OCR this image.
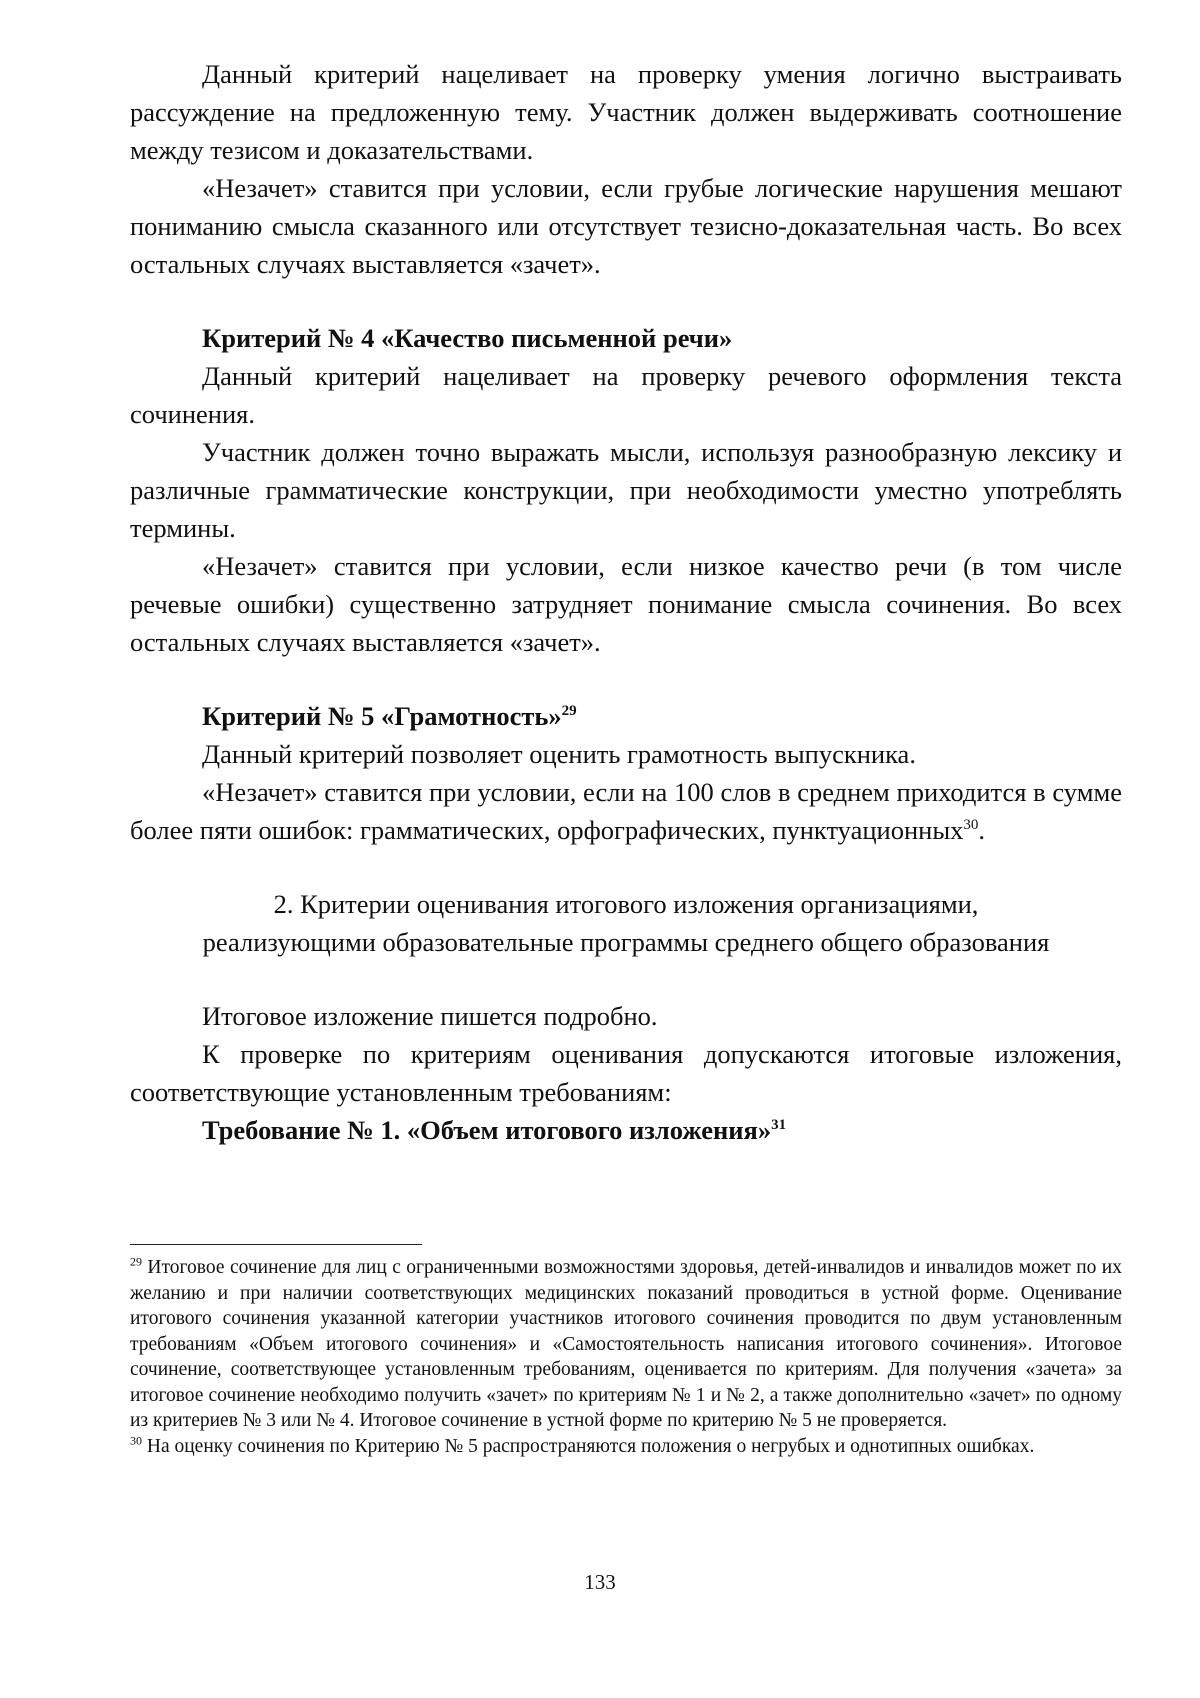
Данный критерий нацеливает на проверку умения логично выстраивать рассуждение на предложенную тему. Участник должен выдерживать соотношение между тезисом и доказательствами.

«Незачет» ставится при условии, если грубые логические нарушения мешают пониманию смысла сказанного или отсутствует тезисно-доказательная часть. Во всех остальных случаях выставляется «зачет».

Критерий № 4 «Качество письменной речи»

Данный критерий нацеливает на проверку речевого оформления текста сочинения.

Участник должен точно выражать мысли, используя разнообразную лексику и различные грамматические конструкции, при необходимости уместно употреблять термины.

«Незачет» ставится при условии, если низкое качество речи (в том числе речевые ошибки) существенно затрудняет понимание смысла сочинения. Во всех остальных случаях выставляется «зачет».

Критерий № 5 «Грамотность»$^{29}$

Данный критерий позволяет оценить грамотность выпускника.

«Незачет» ставится при условии, если на 100 слов в среднем приходится в сумме более пяти ошибок: грамматических, орфографических, пунктуационных$^{30}$.

2. Критерии оценивания итогового изложения организациями,
реализующими образовательные программы среднего общего образования

Итоговое изложение пишется подробно.

К проверке по критериям оценивания допускаются итоговые изложения, соответствующие установленным требованиям:

Требование № 1. «Объем итогового изложения»$^{31}$

$^{29}$ Итоговое сочинение для лиц с ограниченными возможностями здоровья, детей-инвалидов и инвалидов может по их желанию и при наличии соответствующих медицинских показаний проводиться в устной форме. Оценивание итогового сочинения указанной категории участников итогового сочинения проводится по двум установленным требованиям «Объем итогового сочинения» и «Самостоятельность написания итогового сочинения». Итоговое сочинение, соответствующее установленным требованиям, оценивается по критериям. Для получения «зачета» за итоговое сочинение необходимо получить «зачет» по критериям № 1 и № 2, а также дополнительно «зачет» по одному из критериев № 3 или № 4. Итоговое сочинение в устной форме по критерию № 5 не проверяется.

$^{30}$ На оценку сочинения по Критерию № 5 распространяются положения о негрубых и однотипных ошибках.

133
